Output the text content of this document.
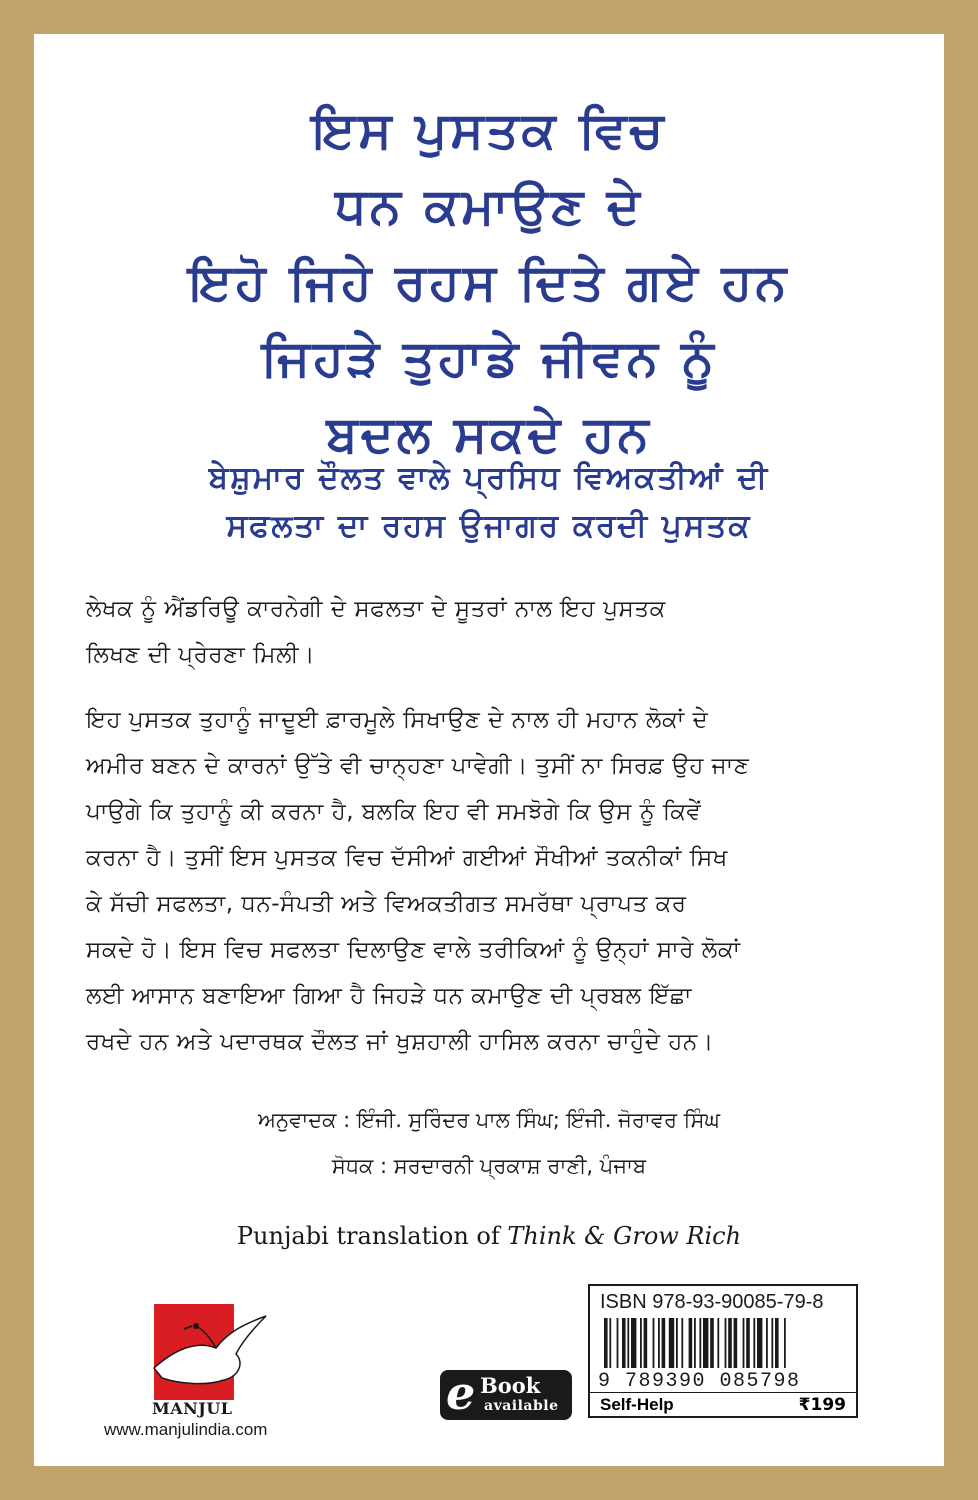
ਇਸ ਪੁਸਤਕ ਵਿਚ
ਧਨ ਕਮਾਉਣ ਦੇ
ਇਹੋ ਜਿਹੇ ਰਹਸ ਦਿਤੇ ਗਏ ਹਨ
ਜਿਹੜੇ ਤੁਹਾਡੇ ਜੀਵਨ ਨੂੰ
ਬਦਲ ਸਕਦੇ ਹਨ
ਬੇਸ਼ੁਮਾਰ ਦੌਲਤ ਵਾਲੇ ਪ੍ਰਸਿਧ ਵਿਅਕਤੀਆਂ ਦੀ
ਸਫਲਤਾ ਦਾ ਰਹਸ ਉਜਾਗਰ ਕਰਦੀ ਪੁਸਤਕ
ਲੇਖਕ ਨੂੰ ਐਂਡਰਿਊ ਕਾਰਨੇਗੀ ਦੇ ਸਫਲਤਾ ਦੇ ਸੂਤਰਾਂ ਨਾਲ ਇਹ ਪੁਸਤਕ
ਲਿਖਣ ਦੀ ਪ੍ਰੇਰਣਾ ਮਿਲੀ।
ਇਹ ਪੁਸਤਕ ਤੁਹਾਨੂੰ ਜਾਦੂਈ ਫ਼ਾਰਮੂਲੇ ਸਿਖਾਉਣ ਦੇ ਨਾਲ ਹੀ ਮਹਾਨ ਲੋਕਾਂ ਦੇ
ਅਮੀਰ ਬਣਨ ਦੇ ਕਾਰਨਾਂ ਉੱਤੇ ਵੀ ਚਾਨ੍ਹਣਾ ਪਾਵੇਗੀ। ਤੁਸੀਂ ਨਾ ਸਿਰਫ਼ ਉਹ ਜਾਣ
ਪਾਉਗੇ ਕਿ ਤੁਹਾਨੂੰ ਕੀ ਕਰਨਾ ਹੈ, ਬਲਕਿ ਇਹ ਵੀ ਸਮਝੋਗੇ ਕਿ ਉਸ ਨੂੰ ਕਿਵੇਂ
ਕਰਨਾ ਹੈ। ਤੁਸੀਂ ਇਸ ਪੁਸਤਕ ਵਿਚ ਦੱਸੀਆਂ ਗਈਆਂ ਸੌਖੀਆਂ ਤਕਨੀਕਾਂ ਸਿਖ
ਕੇ ਸੱਚੀ ਸਫਲਤਾ, ਧਨ-ਸੰਪਤੀ ਅਤੇ ਵਿਅਕਤੀਗਤ ਸਮਰੱਥਾ ਪ੍ਰਾਪਤ ਕਰ
ਸਕਦੇ ਹੋ। ਇਸ ਵਿਚ ਸਫਲਤਾ ਦਿਲਾਉਣ ਵਾਲੇ ਤਰੀਕਿਆਂ ਨੂੰ ਉਨ੍ਹਾਂ ਸਾਰੇ ਲੋਕਾਂ
ਲਈ ਆਸਾਨ ਬਣਾਇਆ ਗਿਆ ਹੈ ਜਿਹੜੇ ਧਨ ਕਮਾਉਣ ਦੀ ਪ੍ਰਬਲ ਇੱਛਾ
ਰਖਦੇ ਹਨ ਅਤੇ ਪਦਾਰਥਕ ਦੌਲਤ ਜਾਂ ਖੁਸ਼ਹਾਲੀ ਹਾਸਿਲ ਕਰਨਾ ਚਾਹੁੰਦੇ ਹਨ।
ਅਨੁਵਾਦਕ : ਇੰਜੀ. ਸੁਰਿੰਦਰ ਪਾਲ ਸਿੰਘ; ਇੰਜੀ. ਜੋਰਾਵਰ ਸਿੰਘ
ਸੋਧਕ : ਸਰਦਾਰਨੀ ਪ੍ਰਕਾਸ਼ ਰਾਣੀ, ਪੰਜਾਬ
Punjabi translation of Think & Grow Rich
MANJUL
www.manjulindia.com
e Book
available
ISBN 978-93-90085-79-8
9 789390 085798
Self-Help	₹199
